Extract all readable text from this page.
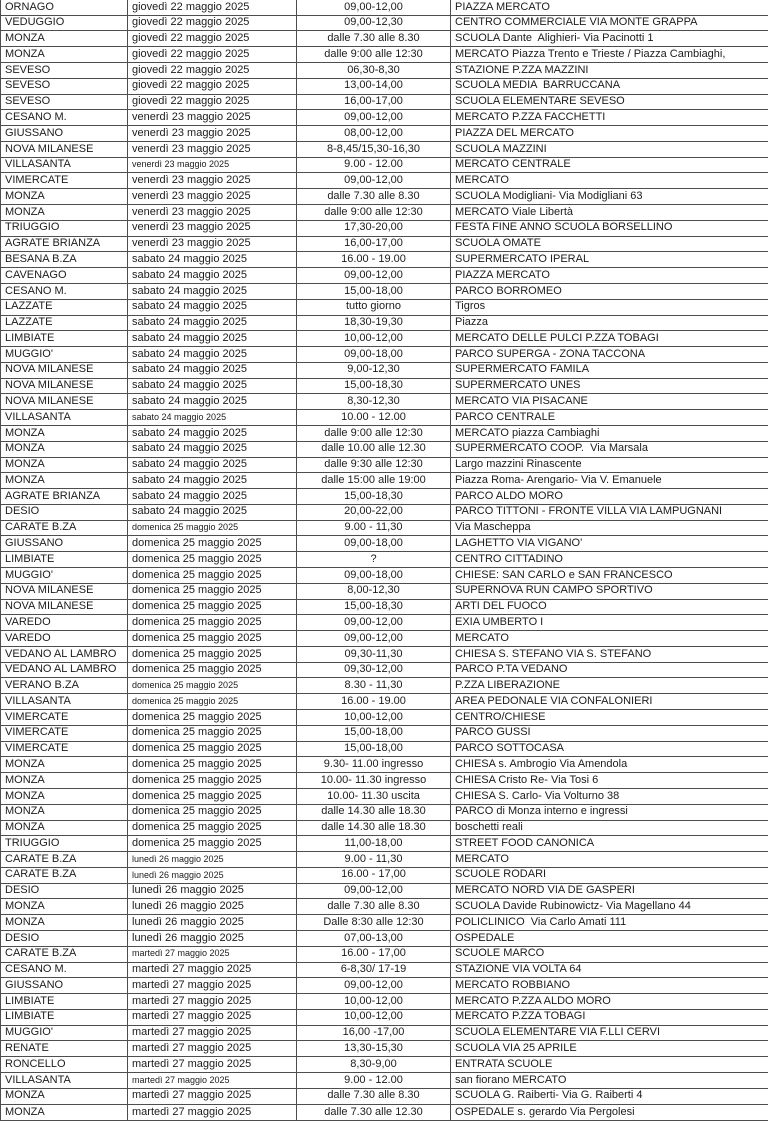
ORNAGO	giovedì 22 maggio 2025	09,00-12,00	PIAZZA MERCATO
VEDUGGIO	giovedì 22 maggio 2025	09,00-12,30	CENTRO COMMERCIALE VIA MONTE GRAPPA
MONZA	giovedì 22 maggio 2025	dalle 7.30 alle 8.30	SCUOLA Dante  Alighieri- Via Pacinotti 1
MONZA	giovedì 22 maggio 2025	dalle 9:00 alle 12:30	MERCATO Piazza Trento e Trieste / Piazza Cambiaghi,
SEVESO	giovedì 22 maggio 2025	06,30-8,30	STAZIONE P.ZZA MAZZINI
SEVESO	giovedì 22 maggio 2025	13,00-14,00	SCUOLA MEDIA  BARRUCCANA
SEVESO	giovedì 22 maggio 2025	16,00-17,00	SCUOLA ELEMENTARE SEVESO
CESANO M.	venerdì 23 maggio 2025	09,00-12,00	MERCATO P.ZZA FACCHETTI
GIUSSANO	venerdì 23 maggio 2025	08,00-12,00	PIAZZA DEL MERCATO
NOVA MILANESE	venerdì 23 maggio 2025	8-8,45/15,30-16,30	SCUOLA MAZZINI
VILLASANTA	venerdì 23 maggio 2025	9.00 - 12.00	MERCATO CENTRALE
VIMERCATE	venerdì 23 maggio 2025	09,00-12,00	MERCATO
MONZA	venerdì 23 maggio 2025	dalle 7.30 alle 8.30	SCUOLA Modigliani- Via Modigliani 63
MONZA	venerdì 23 maggio 2025	dalle 9:00 alle 12:30	MERCATO Viale Libertà
TRIUGGIO	venerdì 23 maggio 2025	17,30-20,00	FESTA FINE ANNO SCUOLA BORSELLINO
AGRATE BRIANZA	venerdì 23 maggio 2025	16,00-17,00	SCUOLA OMATE
BESANA B.ZA	sabato 24 maggio 2025	16.00 - 19.00	SUPERMERCATO IPERAL
CAVENAGO	sabato 24 maggio 2025	09,00-12,00	PIAZZA MERCATO
CESANO M.	sabato 24 maggio 2025	15,00-18,00	PARCO BORROMEO
LAZZATE	sabato 24 maggio 2025	tutto giorno	Tigros
LAZZATE	sabato 24 maggio 2025	18,30-19,30	Piazza
LIMBIATE	sabato 24 maggio 2025	10,00-12,00	MERCATO DELLE PULCI P.ZZA TOBAGI
MUGGIO'	sabato 24 maggio 2025	09,00-18,00	PARCO SUPERGA - ZONA TACCONA
NOVA MILANESE	sabato 24 maggio 2025	9,00-12,30	SUPERMERCATO FAMILA
NOVA MILANESE	sabato 24 maggio 2025	15,00-18,30	SUPERMERCATO UNES
NOVA MILANESE	sabato 24 maggio 2025	8,30-12,30	MERCATO VIA PISACANE
VILLASANTA	sabato 24 maggio 2025	10.00 - 12.00	PARCO CENTRALE
MONZA	sabato 24 maggio 2025	dalle 9:00 alle 12:30	MERCATO piazza Cambiaghi
MONZA	sabato 24 maggio 2025	dalle 10.00 alle 12.30	SUPERMERCATO COOP.  Via Marsala
MONZA	sabato 24 maggio 2025	dalle 9:30 alle 12:30	Largo mazzini Rinascente
MONZA	sabato 24 maggio 2025	dalle 15:00 alle 19:00	Piazza Roma- Arengario- Via V. Emanuele
AGRATE BRIANZA	sabato 24 maggio 2025	15,00-18,30	PARCO ALDO MORO
DESIO	sabato 24 maggio 2025	20,00-22,00	PARCO TITTONI - FRONTE VILLA VIA LAMPUGNANI
CARATE B.ZA	domenica 25 maggio 2025	9.00 - 11,30	Via Mascheppa
GIUSSANO	domenica 25 maggio 2025	09,00-18,00	LAGHETTO VIA VIGANO'
LIMBIATE	domenica 25 maggio 2025	?	CENTRO CITTADINO
MUGGIO'	domenica 25 maggio 2025	09,00-18,00	CHIESE: SAN CARLO e SAN FRANCESCO
NOVA MILANESE	domenica 25 maggio 2025	8,00-12,30	SUPERNOVA RUN CAMPO SPORTIVO
NOVA MILANESE	domenica 25 maggio 2025	15,00-18,30	ARTI DEL FUOCO
VAREDO	domenica 25 maggio 2025	09,00-12,00	EXIA UMBERTO I
VAREDO	domenica 25 maggio 2025	09,00-12,00	MERCATO
VEDANO AL LAMBRO	domenica 25 maggio 2025	09,30-11,30	CHIESA S. STEFANO VIA S. STEFANO
VEDANO AL LAMBRO	domenica 25 maggio 2025	09,30-12,00	PARCO P.TA VEDANO
VERANO B.ZA	domenica 25 maggio 2025	8.30 - 11,30	P.ZZA LIBERAZIONE
VILLASANTA	domenica 25 maggio 2025	16.00 - 19.00	AREA PEDONALE VIA CONFALONIERI
VIMERCATE	domenica 25 maggio 2025	10,00-12,00	CENTRO/CHIESE
VIMERCATE	domenica 25 maggio 2025	15,00-18,00	PARCO GUSSI
VIMERCATE	domenica 25 maggio 2025	15,00-18,00	PARCO SOTTOCASA
MONZA	domenica 25 maggio 2025	9.30- 11.00 ingresso	CHIESA s. Ambrogio Via Amendola
MONZA	domenica 25 maggio 2025	10.00- 11.30 ingresso	CHIESA Cristo Re- Via Tosi 6
MONZA	domenica 25 maggio 2025	10.00- 11.30 uscita	CHIESA S. Carlo- Via Volturno 38
MONZA	domenica 25 maggio 2025	dalle 14.30 alle 18.30	PARCO di Monza interno e ingressi
MONZA	domenica 25 maggio 2025	dalle 14.30 alle 18.30	boschetti reali
TRIUGGIO	domenica 25 maggio 2025	11,00-18,00	STREET FOOD CANONICA
CARATE B.ZA	lunedì 26 maggio 2025	9.00 - 11,30	MERCATO
CARATE B.ZA	lunedì 26 maggio 2025	16.00 - 17,00	SCUOLE RODARI
DESIO	lunedì 26 maggio 2025	09,00-12,00	MERCATO NORD VIA DE GASPERI
MONZA	lunedì 26 maggio 2025	dalle 7.30 alle 8.30	SCUOLA Davide Rubinowictz- Via Magellano 44
MONZA	lunedì 26 maggio 2025	Dalle 8:30 alle 12:30	POLICLINICO  Via Carlo Amati 111
DESIO	lunedì 26 maggio 2025	07,00-13,00	OSPEDALE
CARATE B.ZA	martedì 27 maggio 2025	16.00 - 17,00	SCUOLE MARCO
CESANO M.	martedì 27 maggio 2025	6-8,30/ 17-19	STAZIONE VIA VOLTA 64
GIUSSANO	martedì 27 maggio 2025	09,00-12,00	MERCATO ROBBIANO
LIMBIATE	martedì 27 maggio 2025	10,00-12,00	MERCATO P.ZZA ALDO MORO
LIMBIATE	martedì 27 maggio 2025	10,00-12,00	MERCATO P.ZZA TOBAGI
MUGGIO'	martedì 27 maggio 2025	16,00 -17,00	SCUOLA ELEMENTARE VIA F.LLI CERVI
RENATE	martedì 27 maggio 2025	13,30-15,30	SCUOLA VIA 25 APRILE
RONCELLO	martedì 27 maggio 2025	8,30-9,00	ENTRATA SCUOLE
VILLASANTA	martedì 27 maggio 2025	9.00 - 12.00	san fiorano MERCATO
MONZA	martedì 27 maggio 2025	dalle 7.30 alle 8.30	SCUOLA G. Raiberti- Via G. Raiberti 4
MONZA	martedì 27 maggio 2025	dalle 7.30 alle 12.30	OSPEDALE s. gerardo Via Pergolesi
